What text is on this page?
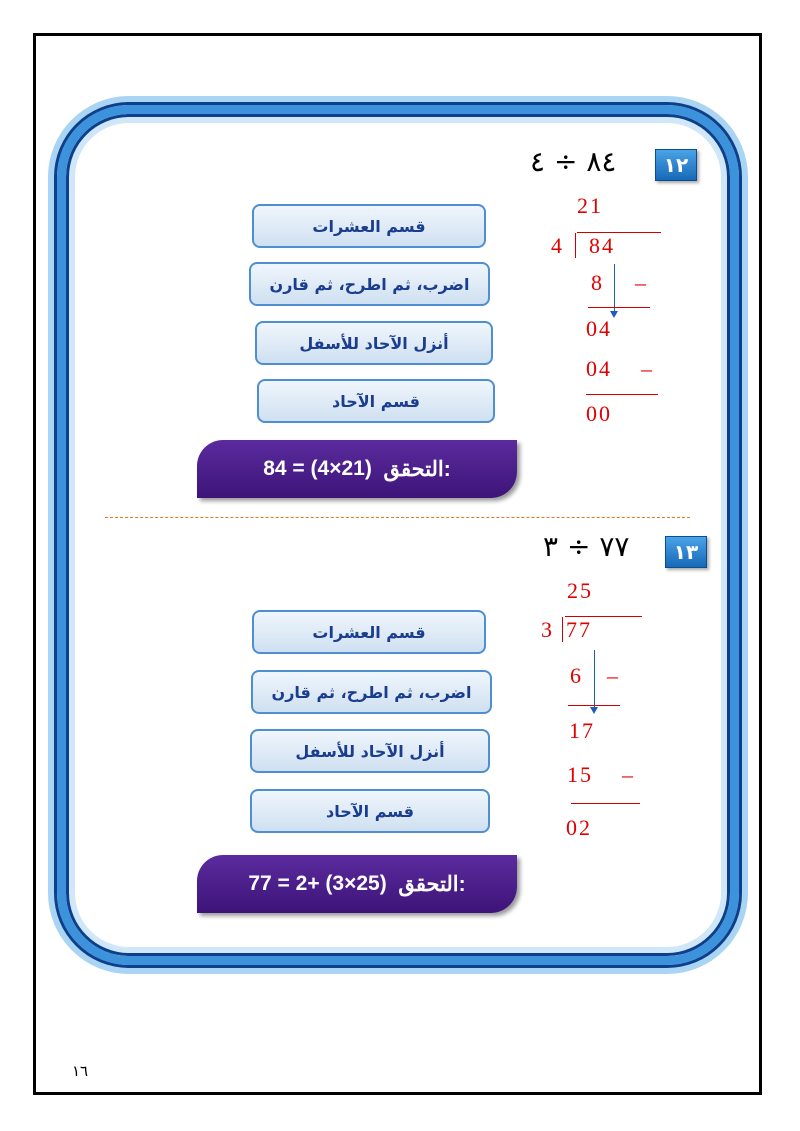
١٢
٨٤ ÷ ٤
قسم العشرات
اضرب، ثم اطرح، ثم قارن
أنزل الآحاد للأسفل
قسم الآحاد
84 = (4×21)
التحقق:
21
4 84
8 –
04
04 –
00
١٣
٧٧ ÷ ٣
قسم العشرات
اضرب، ثم اطرح، ثم قارن
أنزل الآحاد للأسفل
قسم الآحاد
77 = 2+ (3×25)
التحقق:
25
3 77
6 –
17
15 –
02
١٦
